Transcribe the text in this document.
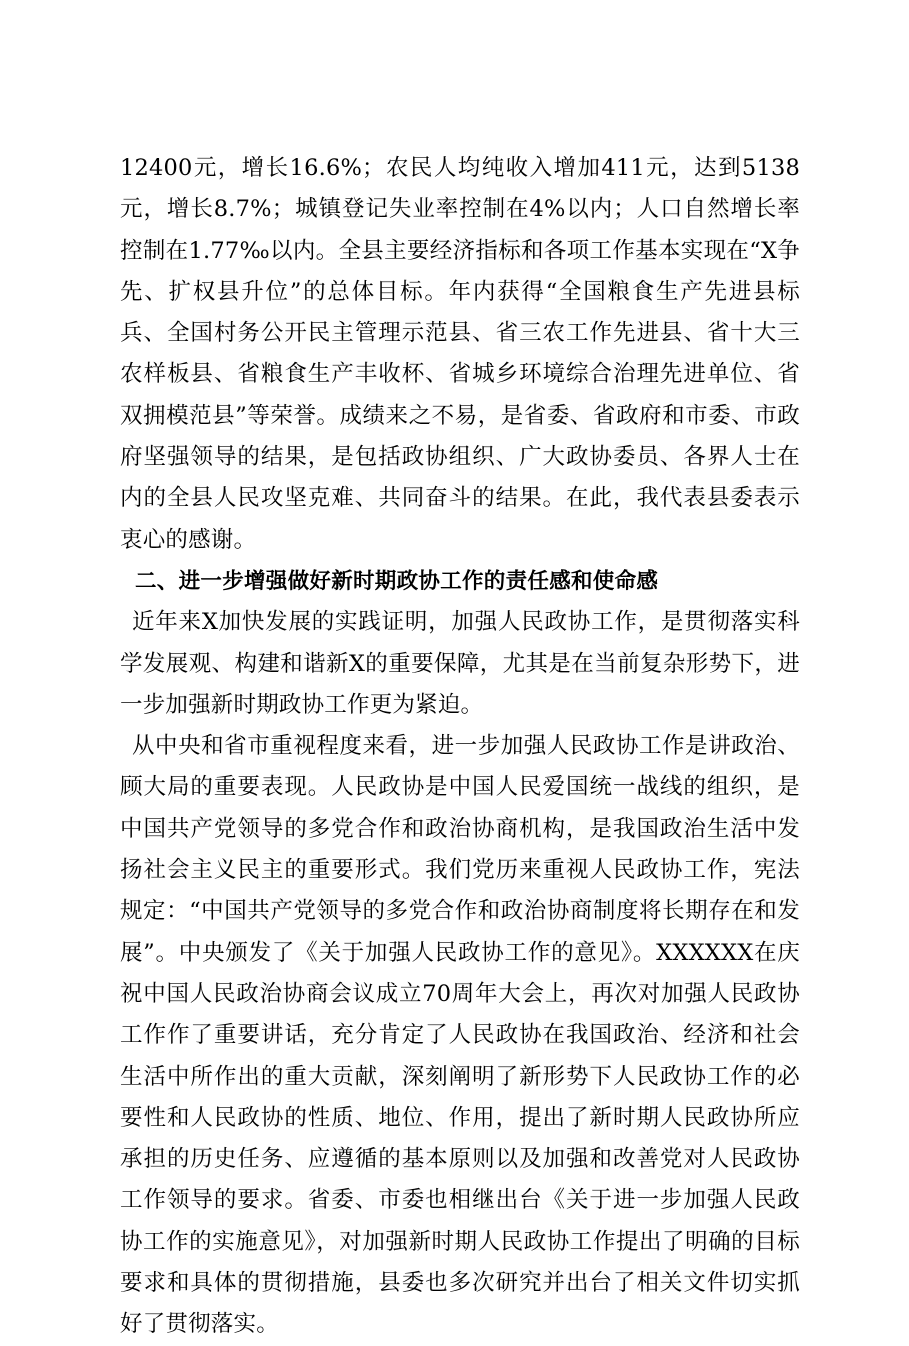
12400元，增长16.6%；农民人均纯收入增加411元，达到5138元，增长8.7%；城镇登记失业率控制在4%以内；人口自然增长率控制在1.77‰以内。全县主要经济指标和各项工作基本实现在“X争先、扩权县升位”的总体目标。年内获得“全国粮食生产先进县标兵、全国村务公开民主管理示范县、省三农工作先进县、省十大三农样板县、省粮食生产丰收杯、省城乡环境综合治理先进单位、省双拥模范县”等荣誉。成绩来之不易，是省委、省政府和市委、市政府坚强领导的结果，是包括政协组织、广大政协委员、各界人士在内的全县人民攻坚克难、共同奋斗的结果。在此，我代表县委表示衷心的感谢。

二、进一步增强做好新时期政协工作的责任感和使命感

近年来X加快发展的实践证明，加强人民政协工作，是贯彻落实科学发展观、构建和谐新X的重要保障，尤其是在当前复杂形势下，进一步加强新时期政协工作更为紧迫。

从中央和省市重视程度来看，进一步加强人民政协工作是讲政治、顾大局的重要表现。人民政协是中国人民爱国统一战线的组织，是中国共产党领导的多党合作和政治协商机构，是我国政治生活中发扬社会主义民主的重要形式。我们党历来重视人民政协工作，宪法规定：“中国共产党领导的多党合作和政治协商制度将长期存在和发展”。中央颁发了《关于加强人民政协工作的意见》。XXXXXX在庆祝中国人民政治协商会议成立70周年大会上，再次对加强人民政协工作作了重要讲话，充分肯定了人民政协在我国政治、经济和社会生活中所作出的重大贡献，深刻阐明了新形势下人民政协工作的必要性和人民政协的性质、地位、作用，提出了新时期人民政协所应承担的历史任务、应遵循的基本原则以及加强和改善党对人民政协工作领导的要求。省委、市委也相继出台《关于进一步加强人民政协工作的实施意见》，对加强新时期人民政协工作提出了明确的目标要求和具体的贯彻措施，县委也多次研究并出台了相关文件切实抓好了贯彻落实。
